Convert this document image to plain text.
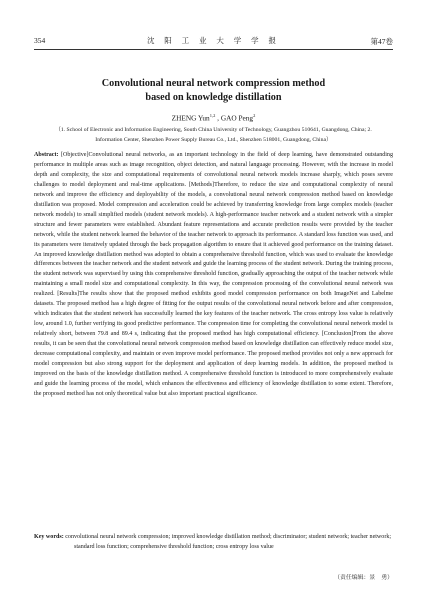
354	沈 阳 工 业 大 学 学 报	第47卷
Convolutional neural network compression method
based on knowledge distillation
ZHENG Yun$^{1,2}$ , GAO Peng$^2$
（1. School of Electronic and Information Engineering, South China University of Technology, Guangzhou 510641, Guangdong, China; 2. Information Center, Shenzhen Power Supply Bureau Co., Ltd., Shenzhen 518001, Guangdong, China）
Abstract: [Objective]Convolutional neural networks, as an important technology in the field of deep learning, have demonstrated outstanding performance in multiple areas such as image recognition, object detection, and natural language processing. However, with the increase in model depth and complexity, the size and computational requirements of convolutional neural network models increase sharply, which poses severe challenges to model deployment and real-time applications. [Methods]Therefore, to reduce the size and computational complexity of neural network and improve the efficiency and deployability of the models, a convolutional neural network compression method based on knowledge distillation was proposed. Model compression and acceleration could be achieved by transferring knowledge from large complex models (teacher network models) to small simplified models (student network models). A high-performance teacher network and a student network with a simpler structure and fewer parameters were established. Abundant feature representations and accurate prediction results were provided by the teacher network, while the student network learned the behavior of the teacher network to approach its performance. A standard loss function was used, and its parameters were iteratively updated through the back propagation algorithm to ensure that it achieved good performance on the training dataset. An improved knowledge distillation method was adopted to obtain a comprehensive threshold function, which was used to evaluate the knowledge differences between the teacher network and the student network and guide the learning process of the student network. During the training process, the student network was supervised by using this comprehensive threshold function, gradually approaching the output of the teacher network while maintaining a small model size and computational complexity. In this way, the compression processing of the convolutional neural network was realized. [Results]The results show that the proposed method exhibits good model compression performance on both ImageNet and Labelme datasets. The proposed method has a high degree of fitting for the output results of the convolutional neural network before and after compression, which indicates that the student network has successfully learned the key features of the teacher network. The cross entropy loss value is relatively low, around 1.0, further verifying its good predictive performance. The compression time for completing the convolutional neural network model is relatively short, between 79.8 and 89.4 s, indicating that the proposed method has high computational efficiency. [Conclusion]From the above results, it can be seen that the convolutional neural network compression method based on knowledge distillation can effectively reduce model size, decrease computational complexity, and maintain or even improve model performance. The proposed method provides not only a new approach for model compression but also strong support for the deployment and application of deep learning models. In addition, the proposed method is improved on the basis of the knowledge distillation method. A comprehensive threshold function is introduced to more comprehensively evaluate and guide the learning process of the model, which enhances the effectiveness and efficiency of knowledge distillation to some extent. Therefore, the proposed method has not only theoretical value but also important practical significance.
Key words: convolutional neural network compression; improved knowledge distillation method; discriminator; student network; teacher network; standard loss function; comprehensive threshold function; cross entropy loss value
（责任编辑：景　勇）
